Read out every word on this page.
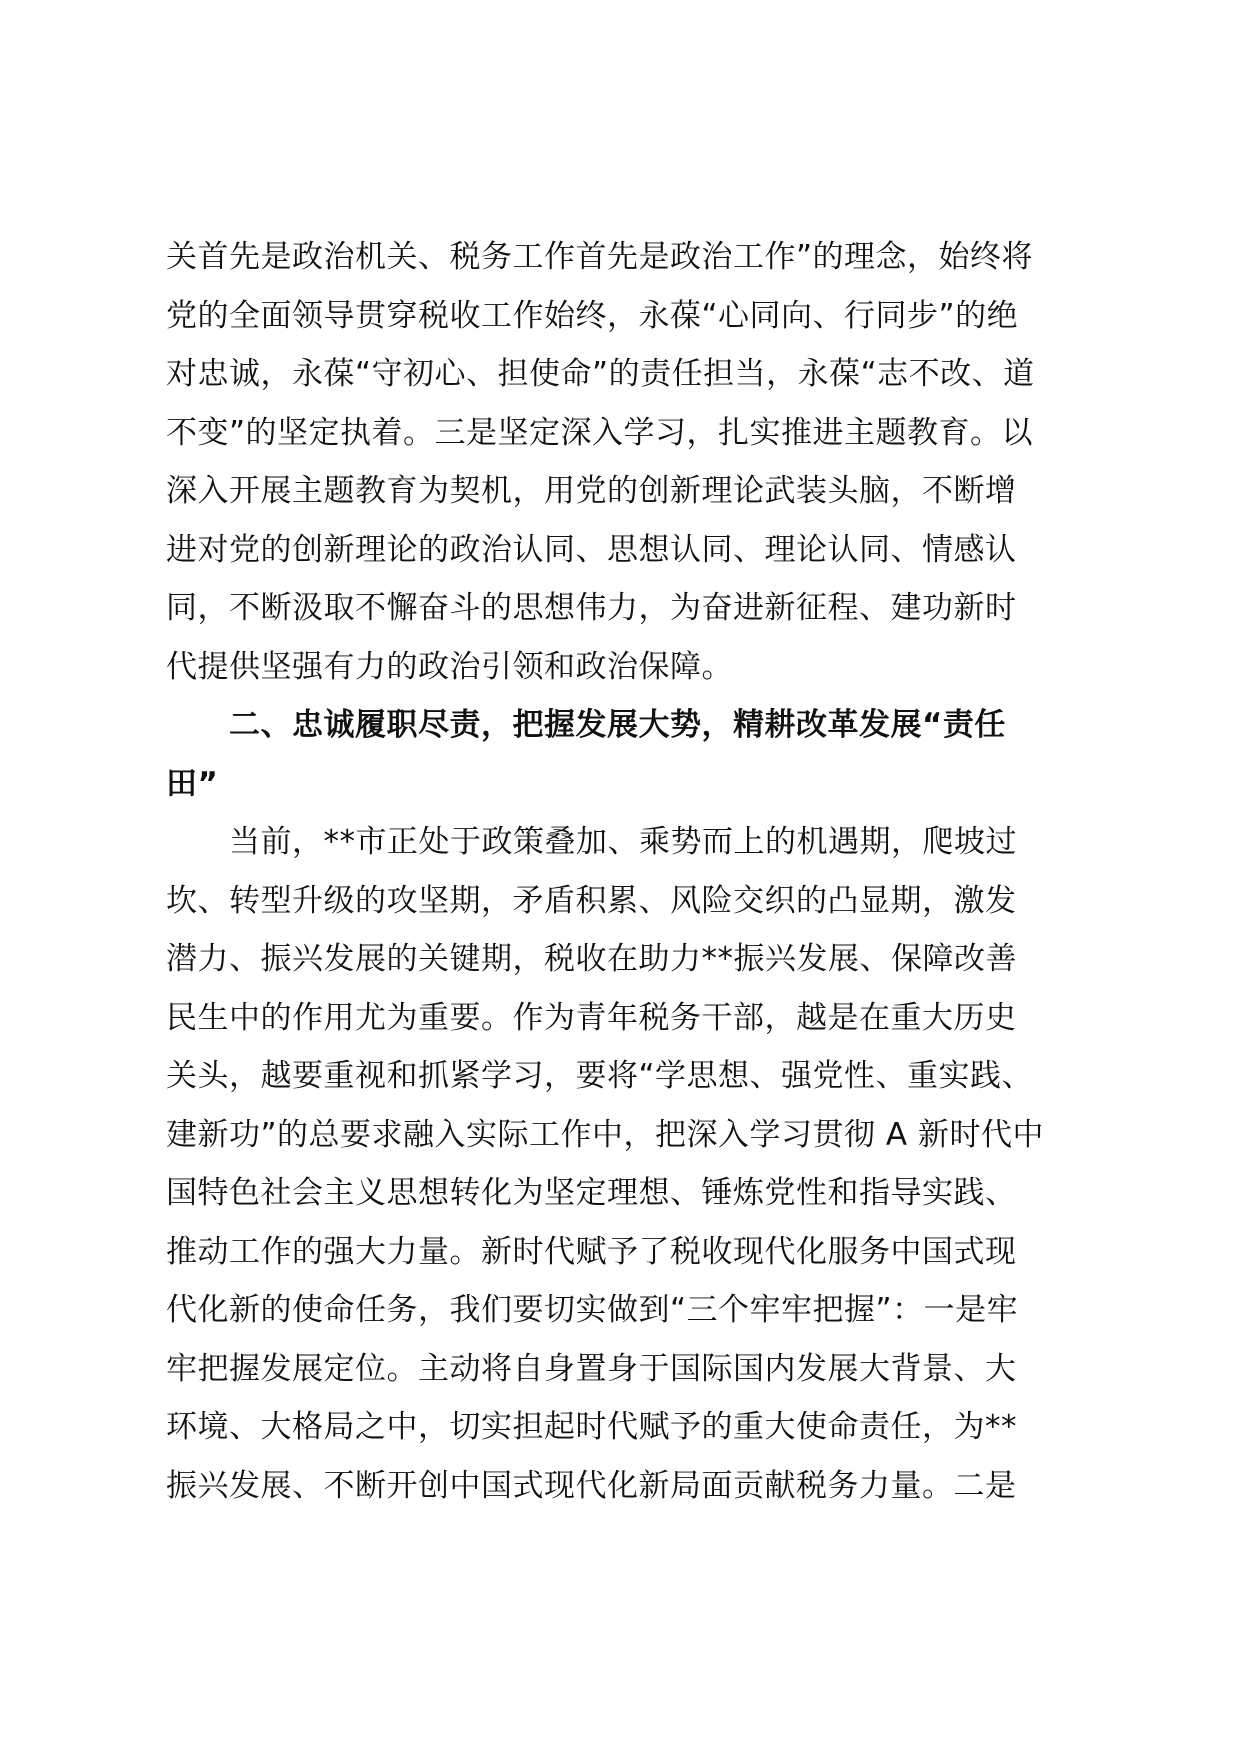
关首先是政治机关、税务工作首先是政治工作”的理念，始终将
党的全面领导贯穿税收工作始终，永葆“心同向、行同步”的绝
对忠诚，永葆“守初心、担使命”的责任担当，永葆“志不改、道
不变”的坚定执着。三是坚定深入学习，扎实推进主题教育。以
深入开展主题教育为契机，用党的创新理论武装头脑，不断增
进对党的创新理论的政治认同、思想认同、理论认同、情感认
同，不断汲取不懈奋斗的思想伟力，为奋进新征程、建功新时
代提供坚强有力的政治引领和政治保障。
　　二、忠诚履职尽责，把握发展大势，精耕改革发展“责任
田”
　　当前，**市正处于政策叠加、乘势而上的机遇期，爬坡过
坎、转型升级的攻坚期，矛盾积累、风险交织的凸显期，激发
潜力、振兴发展的关键期，税收在助力**振兴发展、保障改善
民生中的作用尤为重要。作为青年税务干部，越是在重大历史
关头，越要重视和抓紧学习，要将“学思想、强党性、重实践、
建新功”的总要求融入实际工作中，把深入学习贯彻 A 新时代中
国特色社会主义思想转化为坚定理想、锤炼党性和指导实践、
推动工作的强大力量。新时代赋予了税收现代化服务中国式现
代化新的使命任务，我们要切实做到“三个牢牢把握”：一是牢
牢把握发展定位。主动将自身置身于国际国内发展大背景、大
环境、大格局之中，切实担起时代赋予的重大使命责任，为**
振兴发展、不断开创中国式现代化新局面贡献税务力量。二是
